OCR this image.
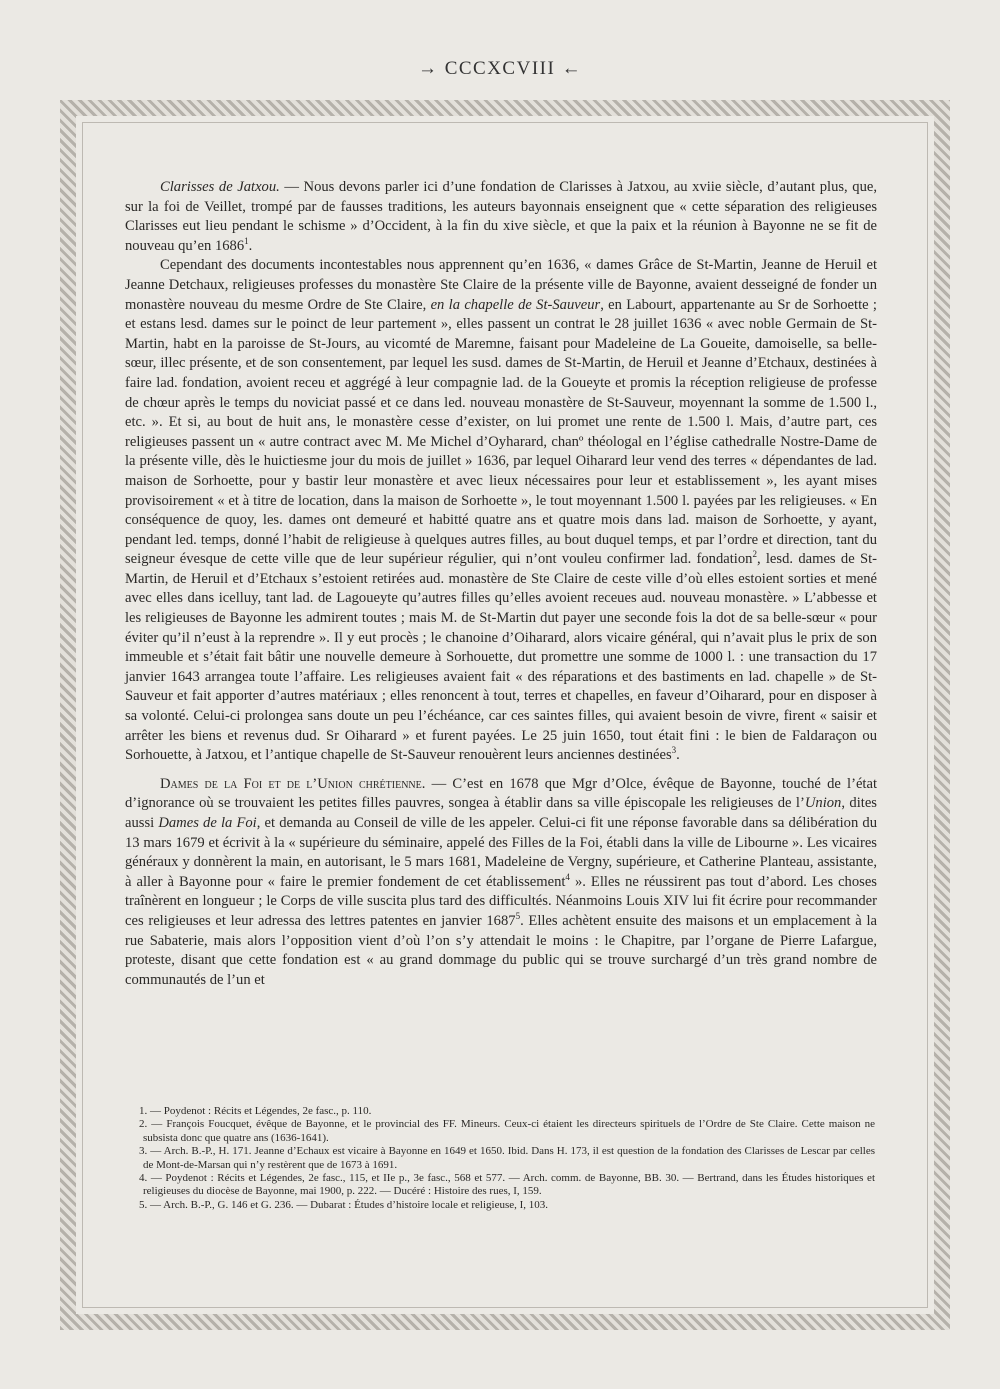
→ CCCXCVIII ←

Clarisses de Jatxou. — Nous devons parler ici d’une fondation de Clarisses à Jatxou, au xviie siècle, d’autant plus, que, sur la foi de Veillet, trompé par de fausses traditions, les auteurs bayonnais enseignent que « cette séparation des religieuses Clarisses eut lieu pendant le schisme » d’Occident, à la fin du xive siècle, et que la paix et la réunion à Bayonne ne se fit de nouveau qu’en 1686$^1$.

Cependant des documents incontestables nous apprennent qu’en 1636, « dames Grâce de St-Martin, Jeanne de Heruil et Jeanne Detchaux, religieuses professes du monastère Ste Claire de la présente ville de Bayonne, avaient desseigné de fonder un monastère nouveau du mesme Ordre de Ste Claire, en la chapelle de St-Sauveur, en Labourt, appartenante au Sr de Sorhoette ; et estans lesd. dames sur le poinct de leur partement », elles passent un contrat le 28 juillet 1636 « avec noble Germain de St-Martin, habt en la paroisse de St-Jours, au vicomté de Maremne, faisant pour Madeleine de La Goueite, damoiselle, sa belle-sœur, illec présente, et de son consentement, par lequel les susd. dames de St-Martin, de Heruil et Jeanne d’Etchaux, destinées à faire lad. fondation, avoient receu et aggrégé à leur compagnie lad. de la Goueyte et promis la réception religieuse de professe de chœur après le temps du noviciat passé et ce dans led. nouveau monastère de St-Sauveur, moyennant la somme de 1.500 l., etc. ». Et si, au bout de huit ans, le monastère cesse d’exister, on lui promet une rente de 1.500 l. Mais, d’autre part, ces religieuses passent un « autre contract avec M. Me Michel d’Oyharard, chanº théologal en l’église cathedralle Nostre-Dame de la présente ville, dès le huictiesme jour du mois de juillet » 1636, par lequel Oiharard leur vend des terres « dépendantes de lad. maison de Sorhoette, pour y bastir leur monastère et avec lieux nécessaires pour leur et establissement », les ayant mises provisoirement « et à titre de location, dans la maison de Sorhoette », le tout moyennant 1.500 l. payées par les religieuses. « En conséquence de quoy, les. dames ont demeuré et habitté quatre ans et quatre mois dans lad. maison de Sorhoette, y ayant, pendant led. temps, donné l’habit de religieuse à quelques autres filles, au bout duquel temps, et par l’ordre et direction, tant du seigneur évesque de cette ville que de leur supérieur régulier, qui n’ont vouleu confirmer lad. fondation$^2$, lesd. dames de St-Martin, de Heruil et d’Etchaux s’estoient retirées aud. monastère de Ste Claire de ceste ville d’où elles estoient sorties et mené avec elles dans icelluy, tant lad. de Lagoueyte qu’autres filles qu’elles avoient receues aud. nouveau monastère. » L’abbesse et les religieuses de Bayonne les admirent toutes ; mais M. de St-Martin dut payer une seconde fois la dot de sa belle-sœur « pour éviter qu’il n’eust à la reprendre ». Il y eut procès ; le chanoine d’Oiharard, alors vicaire général, qui n’avait plus le prix de son immeuble et s’était fait bâtir une nouvelle demeure à Sorhouette, dut promettre une somme de 1000 l. : une transaction du 17 janvier 1643 arrangea toute l’affaire. Les religieuses avaient fait « des réparations et des bastiments en lad. chapelle » de St-Sauveur et fait apporter d’autres matériaux ; elles renoncent à tout, terres et chapelles, en faveur d’Oiharard, pour en disposer à sa volonté. Celui-ci prolongea sans doute un peu l’échéance, car ces saintes filles, qui avaient besoin de vivre, firent « saisir et arrêter les biens et revenus dud. Sr Oiharard » et furent payées. Le 25 juin 1650, tout était fini : le bien de Faldaraçon ou Sorhouette, à Jatxou, et l’antique chapelle de St-Sauveur renouèrent leurs anciennes destinées$^3$.

Dames de la Foi et de l’Union chrétienne. — C’est en 1678 que Mgr d’Olce, évêque de Bayonne, touché de l’état d’ignorance où se trouvaient les petites filles pauvres, songea à établir dans sa ville épiscopale les religieuses de l’Union, dites aussi Dames de la Foi, et demanda au Conseil de ville de les appeler. Celui-ci fit une réponse favorable dans sa délibération du 13 mars 1679 et écrivit à la « supérieure du séminaire, appelé des Filles de la Foi, établi dans la ville de Libourne ». Les vicaires généraux y donnèrent la main, en autorisant, le 5 mars 1681, Madeleine de Vergny, supérieure, et Catherine Planteau, assistante, à aller à Bayonne pour « faire le premier fondement de cet établissement$^4$ ». Elles ne réussirent pas tout d’abord. Les choses traînèrent en longueur ; le Corps de ville suscita plus tard des difficultés. Néanmoins Louis XIV lui fit écrire pour recommander ces religieuses et leur adressa des lettres patentes en janvier 1687$^5$. Elles achètent ensuite des maisons et un emplacement à la rue Sabaterie, mais alors l’opposition vient d’où l’on s’y attendait le moins : le Chapitre, par l’organe de Pierre Lafargue, proteste, disant que cette fondation est « au grand dommage du public qui se trouve surchargé d’un très grand nombre de communautés de l’un et

1. — Poydenot : Récits et Légendes, 2e fasc., p. 110.
2. — François Foucquet, évêque de Bayonne, et le provincial des FF. Mineurs. Ceux-ci étaient les directeurs spirituels de l’Ordre de Ste Claire. Cette maison ne subsista donc que quatre ans (1636-1641).
3. — Arch. B.-P., H. 171. Jeanne d’Echaux est vicaire à Bayonne en 1649 et 1650. Ibid. Dans H. 173, il est question de la fondation des Clarisses de Lescar par celles de Mont-de-Marsan qui n’y restèrent que de 1673 à 1691.
4. — Poydenot : Récits et Légendes, 2e fasc., 115, et IIe p., 3e fasc., 568 et 577. — Arch. comm. de Bayonne, BB. 30. — Bertrand, dans les Études historiques et religieuses du diocèse de Bayonne, mai 1900, p. 222. — Ducéré : Histoire des rues, I, 159.
5. — Arch. B.-P., G. 146 et G. 236. — Dubarat : Études d’histoire locale et religieuse, I, 103.
